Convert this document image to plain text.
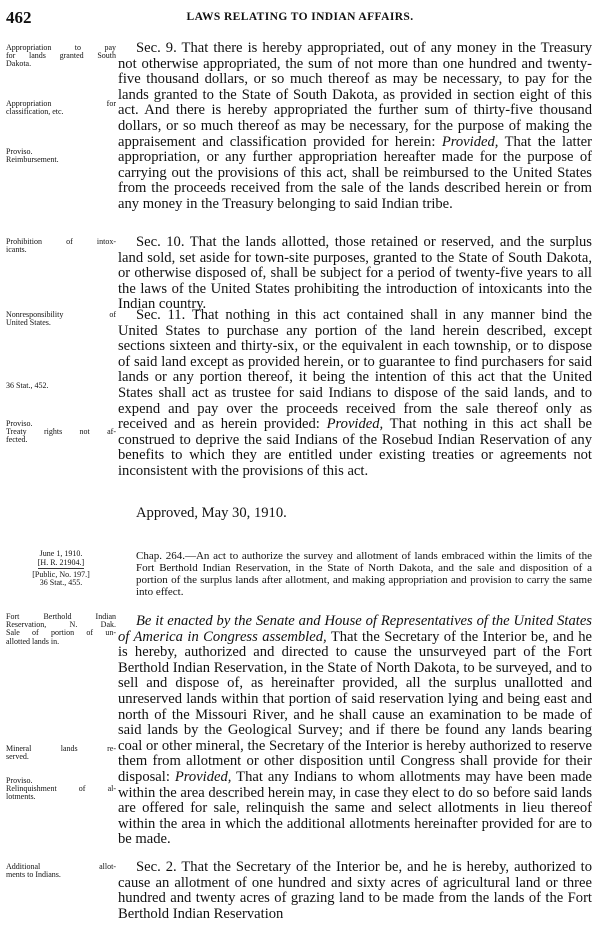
462	LAWS RELATING TO INDIAN AFFAIRS.
Appropriation to pay
for lands granted South
Dakota.
Appropriation for
classification, etc.
Proviso.
Reimbursement.
Prohibition of intox-
icants.
Nonresponsibility of
United States.
36 Stat., 452.
Proviso.
Treaty rights not af-
fected.
Fort Berthold Indian
Reservation, N. Dak.
Sale of portion of un-
allotted lands in.
Mineral lands re-
served.
Proviso.
Relinquishment of al-
lotments.
Additional allot-
ments to Indians.

Sec. 9. That there is hereby appropriated, out of any money in the Treasury not otherwise appropriated, the sum of not more than one hundred and twenty-five thousand dollars, or so much thereof as may be necessary, to pay for the lands granted to the State of South Dakota, as provided in section eight of this act. And there is hereby appropriated the further sum of thirty-five thousand dollars, or so much thereof as may be necessary, for the purpose of making the appraisement and classification provided for herein: Provided, That the latter appropriation, or any further appropriation hereafter made for the purpose of carrying out the provisions of this act, shall be reimbursed to the United States from the proceeds received from the sale of the lands described herein or from any money in the Treasury belonging to said Indian tribe.

Sec. 10. That the lands allotted, those retained or reserved, and the surplus land sold, set aside for town-site purposes, granted to the State of South Dakota, or otherwise disposed of, shall be subject for a period of twenty-five years to all the laws of the United States prohibiting the introduction of intoxicants into the Indian country.

Sec. 11. That nothing in this act contained shall in any manner bind the United States to purchase any portion of the land herein described, except sections sixteen and thirty-six, or the equivalent in each township, or to dispose of said land except as provided herein, or to guarantee to find purchasers for said lands or any portion thereof, it being the intention of this act that the United States shall act as trustee for said Indians to dispose of the said lands, and to expend and pay over the proceeds received from the sale thereof only as received and as herein provided: Provided, That nothing in this act shall be construed to deprive the said Indians of the Rosebud Indian Reservation of any benefits to which they are entitled under existing treaties or agreements not inconsistent with the provisions of this act.

Approved, May 30, 1910.
June 1, 1910.
[H. R. 21904.]
[Public, No. 197.]
36 Stat., 455.
Chap. 264.—An act to authorize the survey and allotment of lands embraced within the limits of the Fort Berthold Indian Reservation, in the State of North Dakota, and the sale and disposition of a portion of the surplus lands after allotment, and making appropriation and provision to carry the same into effect.

Be it enacted by the Senate and House of Representatives of the United States of America in Congress assembled, That the Secretary of the Interior be, and he is hereby, authorized and directed to cause the unsurveyed part of the Fort Berthold Indian Reservation, in the State of North Dakota, to be surveyed, and to sell and dispose of, as hereinafter provided, all the surplus unallotted and unreserved lands within that portion of said reservation lying and being east and north of the Missouri River, and he shall cause an examination to be made of said lands by the Geological Survey; and if there be found any lands bearing coal or other mineral, the Secretary of the Interior is hereby authorized to reserve them from allotment or other disposition until Congress shall provide for their disposal: Provided, That any Indians to whom allotments may have been made within the area described herein may, in case they elect to do so before said lands are offered for sale, relinquish the same and select allotments in lieu thereof within the area in which the additional allotments hereinafter provided for are to be made.

Sec. 2. That the Secretary of the Interior be, and he is hereby, authorized to cause an allotment of one hundred and sixty acres of agricultural land or three hundred and twenty acres of grazing land to be made from the lands of the Fort Berthold Indian Reservation
